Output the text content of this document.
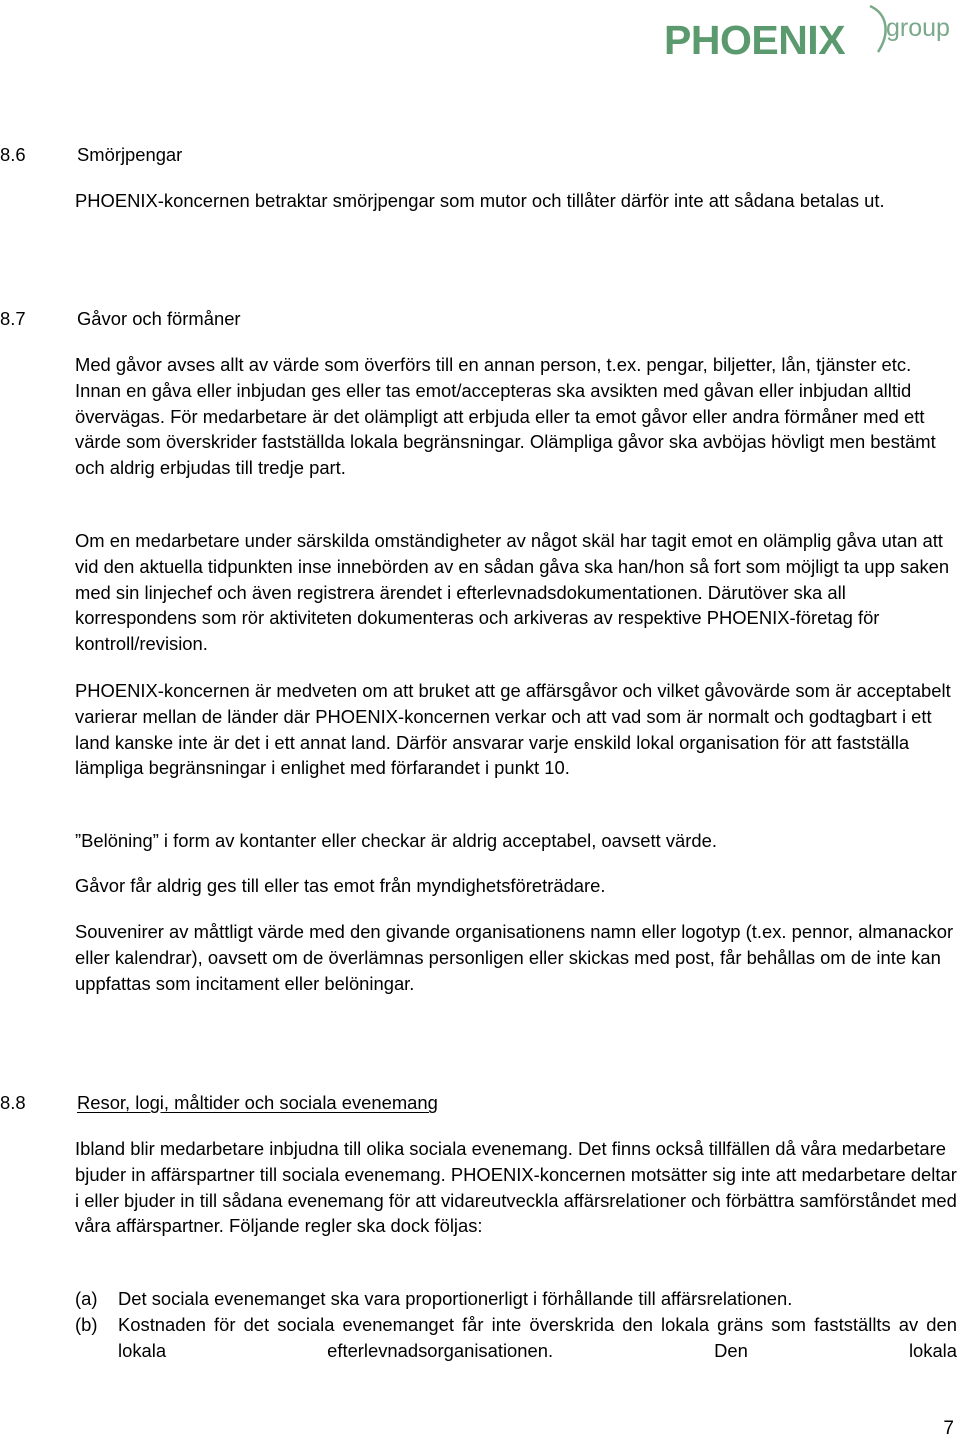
PHOENIX group
8.6	Smörjpengar

PHOENIX-koncernen betraktar smörjpengar som mutor och tillåter därför inte att sådana betalas ut.

8.7	Gåvor och förmåner

Med gåvor avses allt av värde som överförs till en annan person, t.ex. pengar, biljetter, lån, tjänster etc. Innan en gåva eller inbjudan ges eller tas emot/accepteras ska avsikten med gåvan eller inbjudan alltid övervägas. För medarbetare är det olämpligt att erbjuda eller ta emot gåvor eller andra förmåner med ett värde som överskrider fastställda lokala begränsningar. Olämpliga gåvor ska avböjas hövligt men bestämt och aldrig erbjudas till tredje part.

Om en medarbetare under särskilda omständigheter av något skäl har tagit emot en olämplig gåva utan att vid den aktuella tidpunkten inse innebörden av en sådan gåva ska han/hon så fort som möjligt ta upp saken med sin linjechef och även registrera ärendet i efterlevnadsdokumentationen. Därutöver ska all korrespondens som rör aktiviteten dokumenteras och arkiveras av respektive PHOENIX-företag för kontroll/revision.

PHOENIX-koncernen är medveten om att bruket att ge affärsgåvor och vilket gåvovärde som är acceptabelt varierar mellan de länder där PHOENIX-koncernen verkar och att vad som är normalt och godtagbart i ett land kanske inte är det i ett annat land. Därför ansvarar varje enskild lokal organisation för att fastställa lämpliga begränsningar i enlighet med förfarandet i punkt 10.

”Belöning” i form av kontanter eller checkar är aldrig acceptabel, oavsett värde.

Gåvor får aldrig ges till eller tas emot från myndighetsföreträdare.

Souvenirer av måttligt värde med den givande organisationens namn eller logotyp (t.ex. pennor, almanackor eller kalendrar), oavsett om de överlämnas personligen eller skickas med post, får behållas om de inte kan uppfattas som incitament eller belöningar.

8.8	Resor, logi, måltider och sociala evenemang

Ibland blir medarbetare inbjudna till olika sociala evenemang. Det finns också tillfällen då våra medarbetare bjuder in affärspartner till sociala evenemang. PHOENIX-koncernen motsätter sig inte att medarbetare deltar i eller bjuder in till sådana evenemang för att vidareutveckla affärsrelationer och förbättra samförståndet med våra affärspartner. Följande regler ska dock följas:

(a) Det sociala evenemanget ska vara proportionerligt i förhållande till affärsrelationen.
(b) Kostnaden för det sociala evenemanget får inte överskrida den lokala gräns som fastställts av den lokala efterlevnadsorganisationen. Den lokala
7
